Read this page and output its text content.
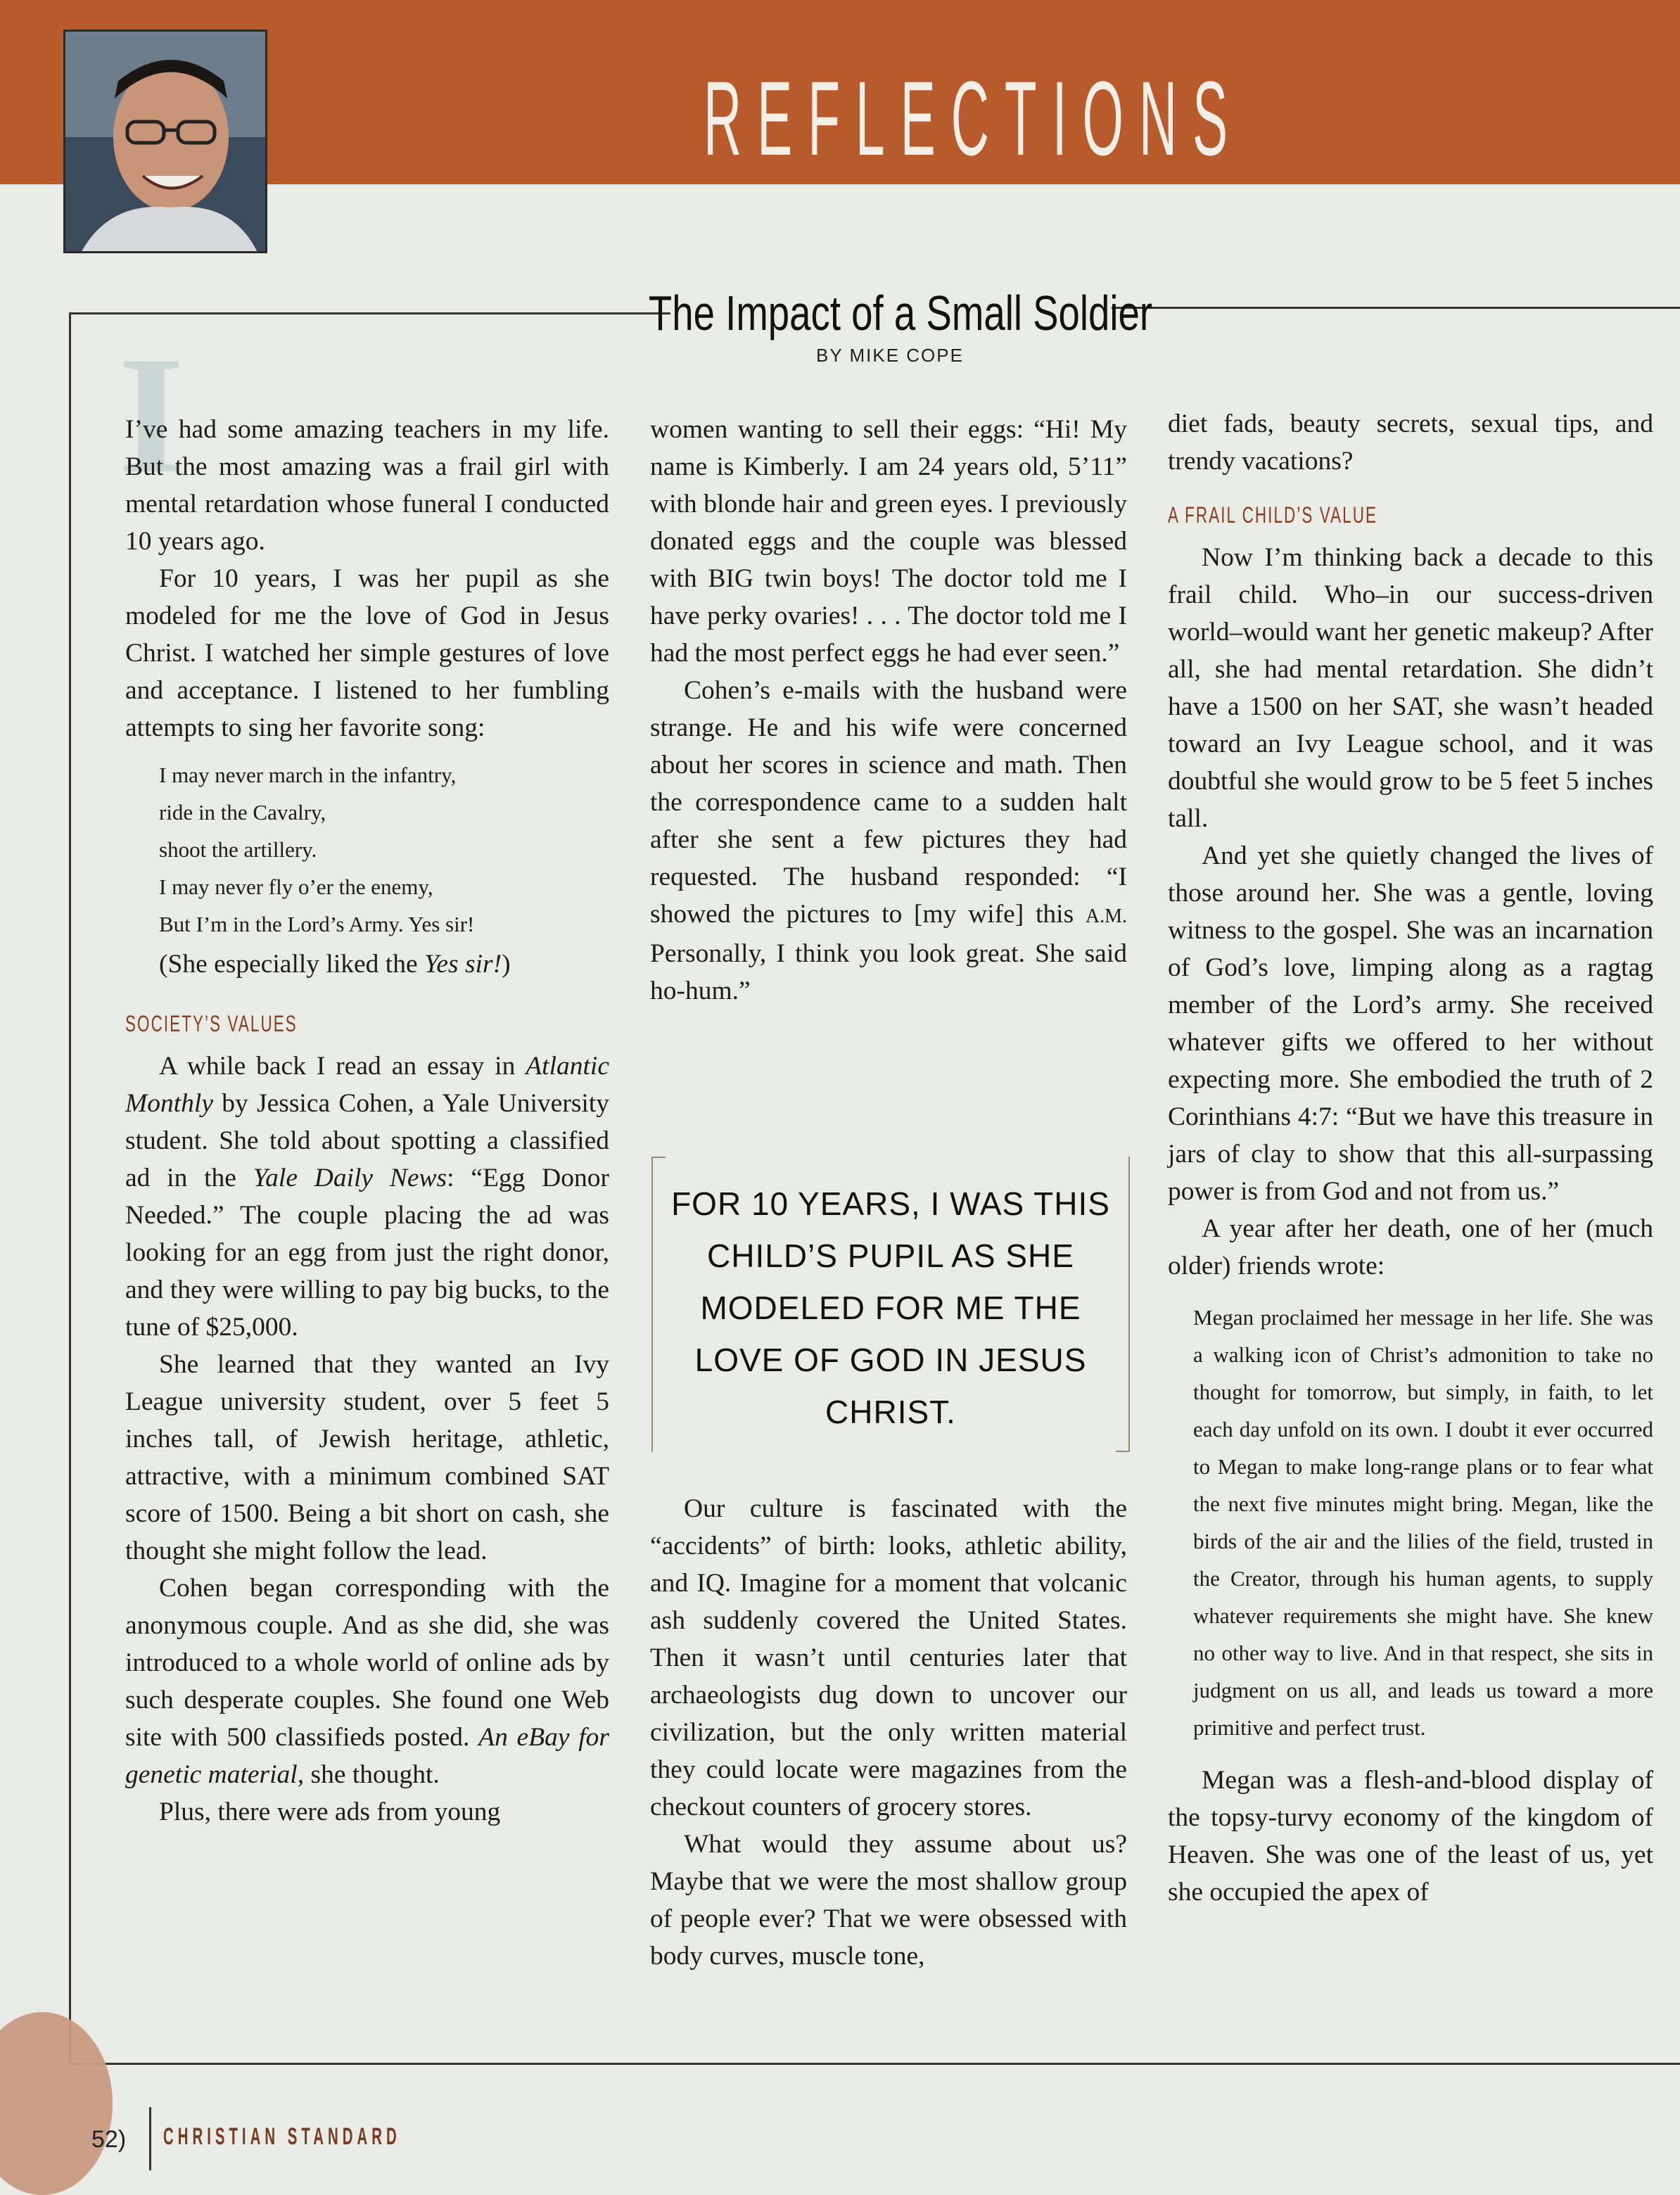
REFLECTIONS
The Impact of a Small Soldier
BY MIKE COPE
I

I’ve had some amazing teachers in my life. But the most amazing was a frail girl with mental retardation whose funeral I conducted 10 years ago.

For 10 years, I was her pupil as she modeled for me the love of God in Jesus Christ. I watched her simple gestures of love and acceptance. I listened to her fumbling attempts to sing her favorite song:

I may never march in the infantry,
ride in the Cavalry,
shoot the artillery.
I may never fly o’er the enemy,
But I’m in the Lord’s Army. Yes sir!

(She especially liked the Yes sir!)

SOCIETY’S VALUES

A while back I read an essay in Atlantic Monthly by Jessica Cohen, a Yale University student. She told about spotting a classified ad in the Yale Daily News: “Egg Donor Needed.” The couple placing the ad was looking for an egg from just the right donor, and they were willing to pay big bucks, to the tune of $25,000.

She learned that they wanted an Ivy League university student, over 5 feet 5 inches tall, of Jewish heritage, athletic, attractive, with a minimum combined SAT score of 1500. Being a bit short on cash, she thought she might follow the lead.

Cohen began corresponding with the anonymous couple. And as she did, she was introduced to a whole world of online ads by such desperate couples. She found one Web site with 500 classifieds posted. An eBay for genetic material, she thought.

Plus, there were ads from young

women wanting to sell their eggs: “Hi! My name is Kimberly. I am 24 years old, 5’11” with blonde hair and green eyes. I previously donated eggs and the couple was blessed with BIG twin boys! The doctor told me I have perky ovaries! . . . The doctor told me I had the most perfect eggs he had ever seen.”

Cohen’s e-mails with the husband were strange. He and his wife were concerned about her scores in science and math. Then the correspondence came to a sudden halt after she sent a few pictures they had requested. The husband responded: “I showed the pictures to [my wife] this A.M. Personally, I think you look great. She said ho-hum.”

FOR 10 YEARS, I WAS THIS CHILD’S PUPIL AS SHE MODELED FOR ME THE LOVE OF GOD IN JESUS CHRIST.

Our culture is fascinated with the “accidents” of birth: looks, athletic ability, and IQ. Imagine for a moment that volcanic ash suddenly covered the United States. Then it wasn’t until centuries later that archaeologists dug down to uncover our civilization, but the only written material they could locate were magazines from the checkout counters of grocery stores.

What would they assume about us? Maybe that we were the most shallow group of people ever? That we were obsessed with body curves, muscle tone,

diet fads, beauty secrets, sexual tips, and trendy vacations?

A FRAIL CHILD’S VALUE

Now I’m thinking back a decade to this frail child. Who–in our success-driven world–would want her genetic makeup? After all, she had mental retardation. She didn’t have a 1500 on her SAT, she wasn’t headed toward an Ivy League school, and it was doubtful she would grow to be 5 feet 5 inches tall.

And yet she quietly changed the lives of those around her. She was a gentle, loving witness to the gospel. She was an incarnation of God’s love, limping along as a ragtag member of the Lord’s army. She received whatever gifts we offered to her without expecting more. She embodied the truth of 2 Corinthians 4:7: “But we have this treasure in jars of clay to show that this all-surpassing power is from God and not from us.”

A year after her death, one of her (much older) friends wrote:

Megan proclaimed her message in her life. She was a walking icon of Christ’s admonition to take no thought for tomorrow, but simply, in faith, to let each day unfold on its own. I doubt it ever occurred to Megan to make long-range plans or to fear what the next five minutes might bring. Megan, like the birds of the air and the lilies of the field, trusted in the Creator, through his human agents, to supply whatever requirements she might have. She knew no other way to live. And in that respect, she sits in judgment on us all, and leads us toward a more primitive and perfect trust.

Megan was a flesh-and-blood display of the topsy-turvy economy of the kingdom of Heaven. She was one of the least of us, yet she occupied the apex of

52) CHRISTIAN STANDARD
